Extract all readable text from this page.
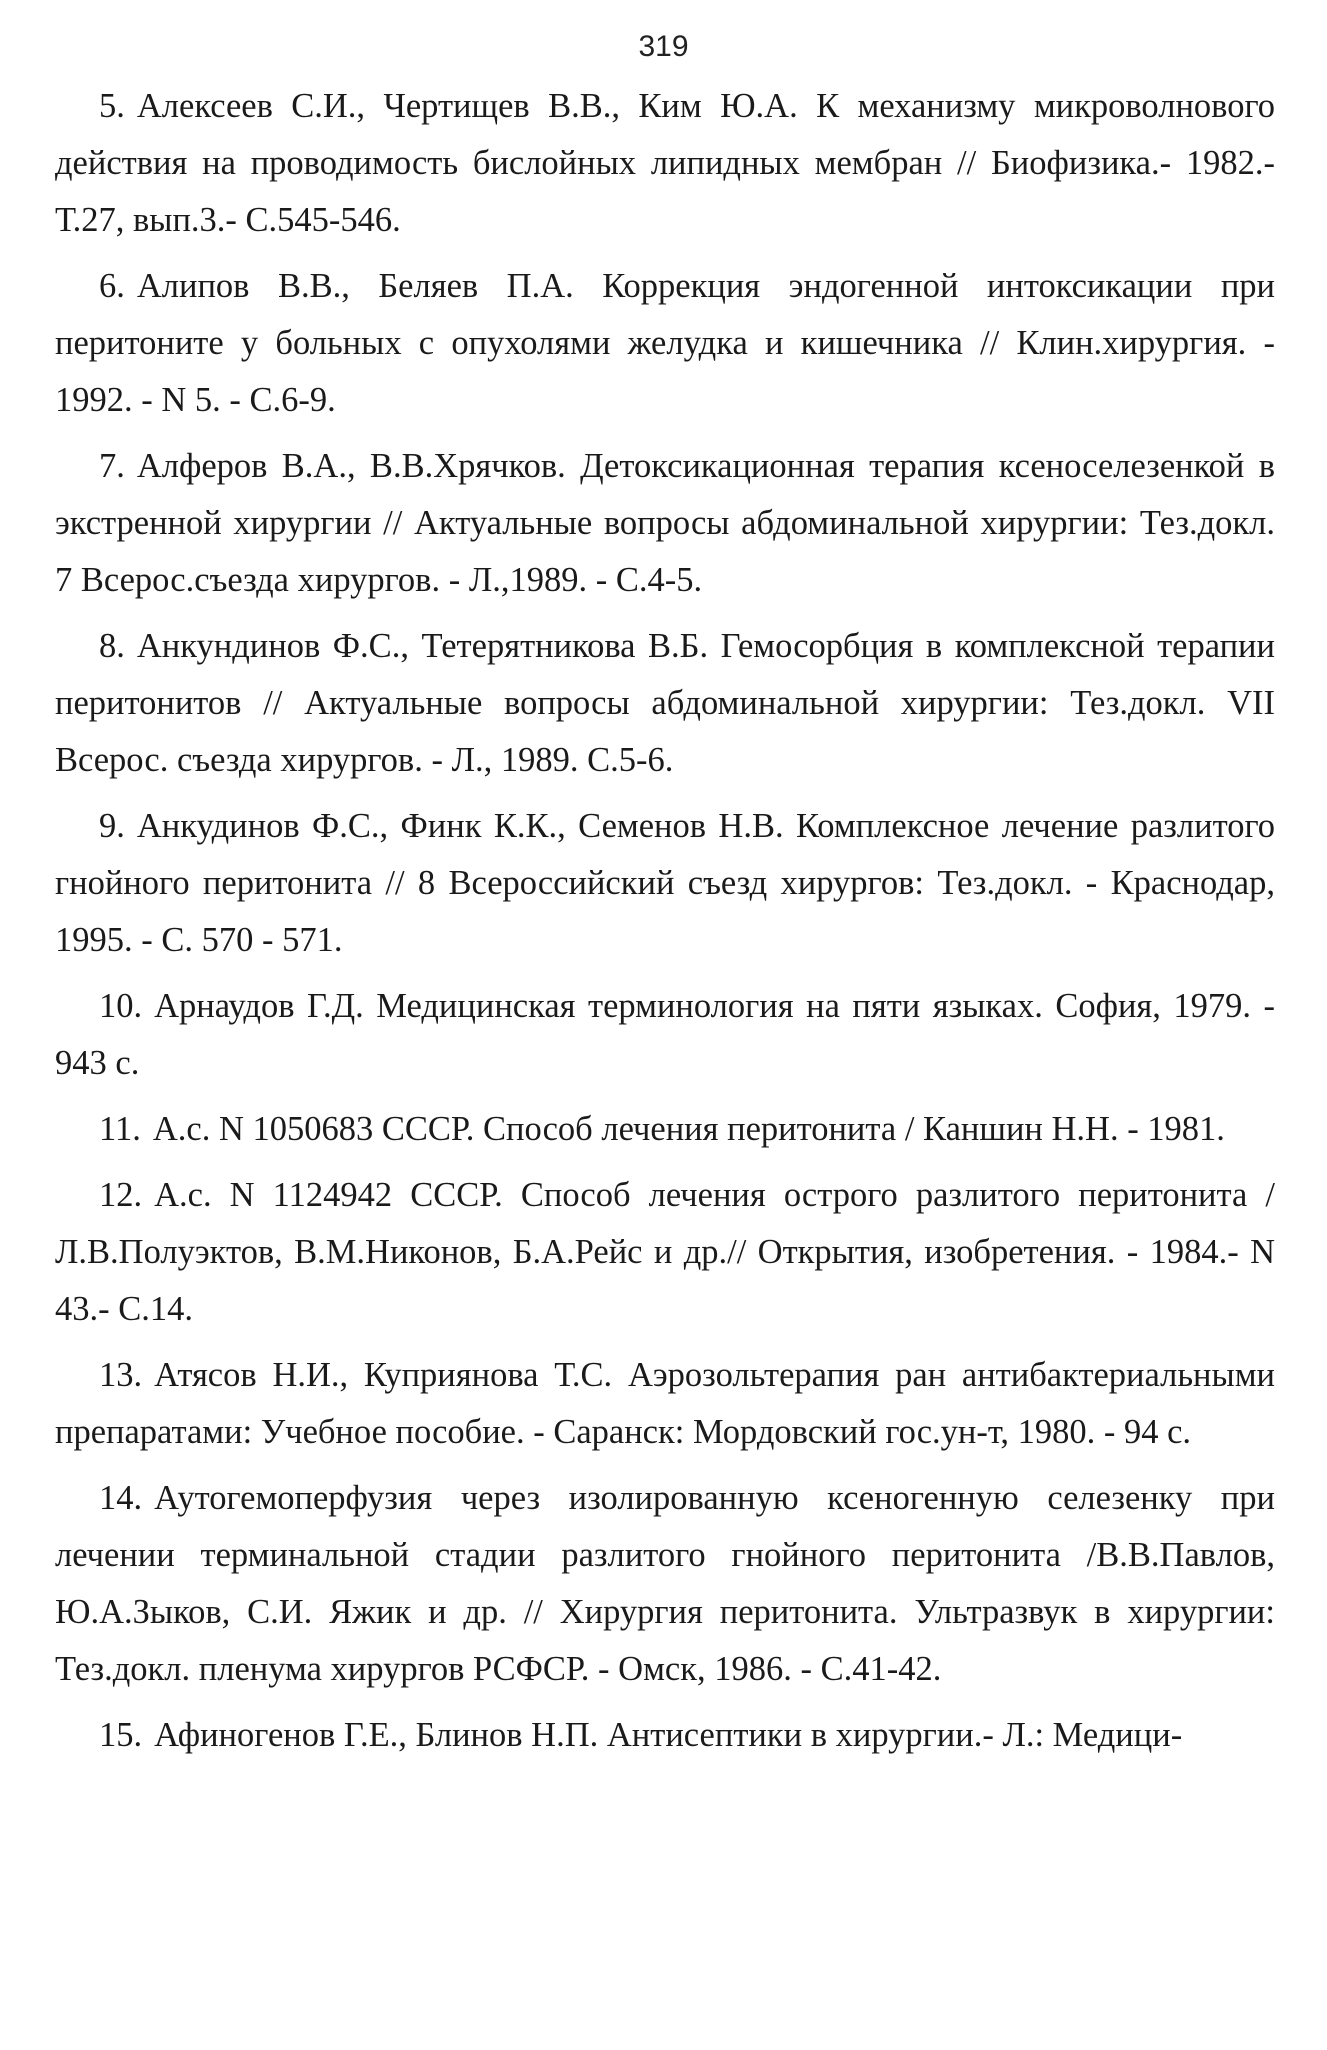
319

5. Алексеев С.И., Чертищев В.В., Ким Ю.А. К механизму микроволнового действия на проводимость бислойных липидных мембран // Биофизика.- 1982.- Т.27, вып.3.- С.545-546.

6. Алипов В.В., Беляев П.А. Коррекция эндогенной интоксикации при перитоните у больных с опухолями желудка и кишечника // Клин.хирургия. - 1992. - N 5. - С.6-9.

7. Алферов В.А., В.В.Хрячков. Детоксикационная терапия ксеноселезенкой в экстренной хирургии // Актуальные вопросы абдоминальной хирургии: Тез.докл. 7 Всерос.съезда хирургов. - Л.,1989. - С.4-5.

8. Анкундинов Ф.С., Тетерятникова В.Б. Гемосорбция в комплексной терапии перитонитов // Актуальные вопросы абдоминальной хирургии: Тез.докл. VII Всерос. съезда хирургов. - Л., 1989. С.5-6.

9. Анкудинов Ф.С., Финк К.К., Семенов Н.В. Комплексное лечение разлитого гнойного перитонита // 8 Всероссийский съезд хирургов: Тез.докл. - Краснодар, 1995. - С. 570 - 571.

10. Арнаудов Г.Д. Медицинская терминология на пяти языках. София, 1979. - 943 с.

11. А.с. N 1050683 СССР. Способ лечения перитонита / Каншин Н.Н. - 1981.

12. А.с. N 1124942 СССР. Способ лечения острого разлитого перитонита /Л.В.Полуэктов, В.М.Никонов, Б.А.Рейс и др.// Открытия, изобретения. - 1984.- N 43.- С.14.

13. Атясов Н.И., Куприянова Т.С. Аэрозольтерапия ран антибактериальными препаратами: Учебное пособие. - Саранск: Мордовский гос.ун-т, 1980. - 94 с.

14. Аутогемоперфузия через изолированную ксеногенную селезенку при лечении терминальной стадии разлитого гнойного перитонита /В.В.Павлов, Ю.А.Зыков, С.И. Яжик и др. // Хирургия перитонита. Ультразвук в хирургии: Тез.докл. пленума хирургов РСФСР. - Омск, 1986. - С.41-42.

15. Афиногенов Г.Е., Блинов Н.П. Антисептики в хирургии.- Л.: Медици-
